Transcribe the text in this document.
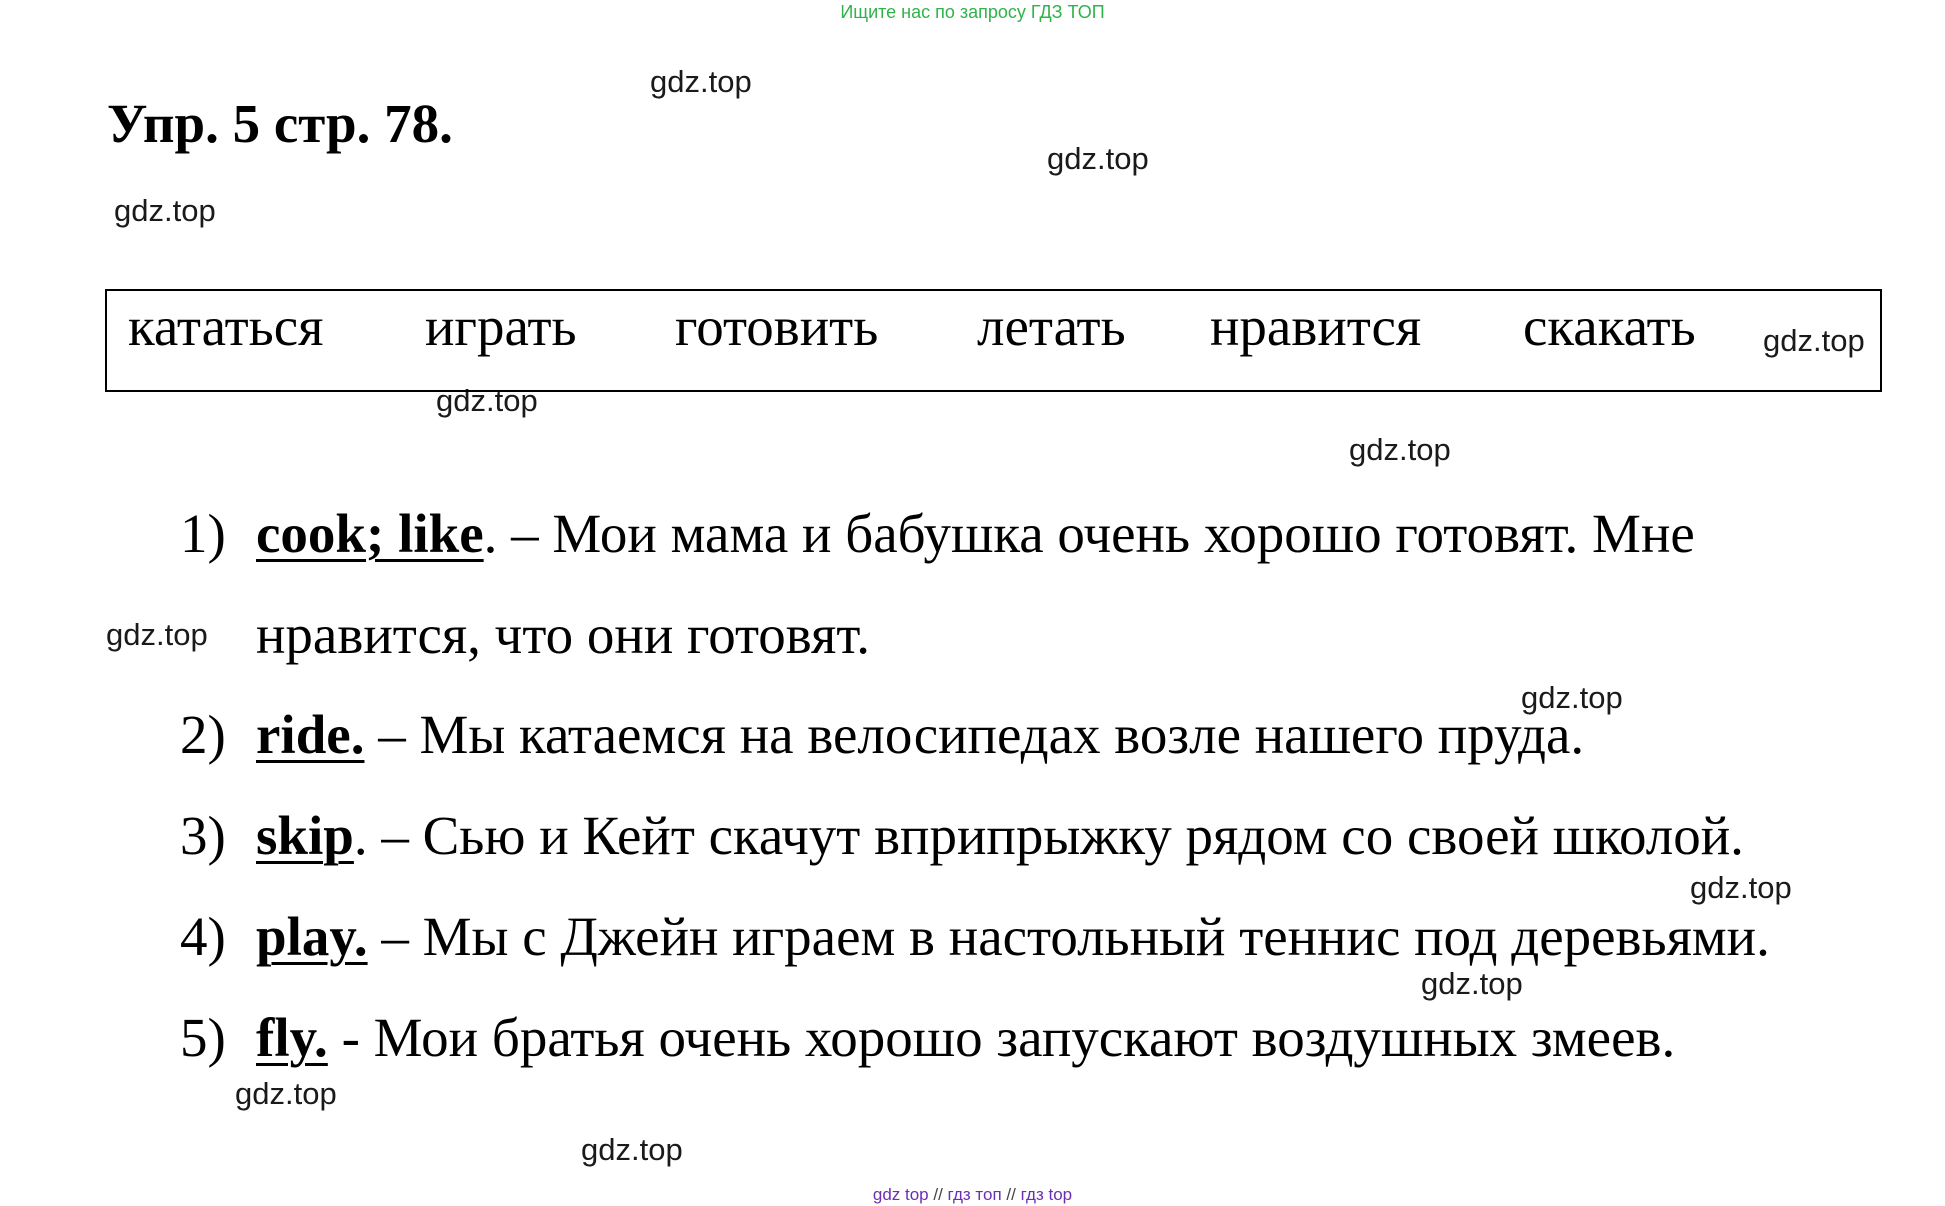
Ищите нас по запросу ГДЗ ТОП
Упр. 5 стр. 78.
gdz.top
gdz.top
gdz.top
gdz.top
gdz.top
gdz.top
gdz.top
gdz.top
gdz.top
gdz.top
gdz.top
gdz.top
кататься играть готовить летать нравится скакать
1) cook; like. – Мои мама и бабушка очень хорошо готовят. Мне
нравится, что они готовят.
2) ride. – Мы катаемся на велосипедах возле нашего пруда.
3) skip. – Сью и Кейт скачут вприпрыжку рядом со своей школой.
4) play. – Мы с Джейн играем в настольный теннис под деревьями.
5) fly. - Мои братья очень хорошо запускают воздушных змеев.
gdz top // гдз топ // гдз top
